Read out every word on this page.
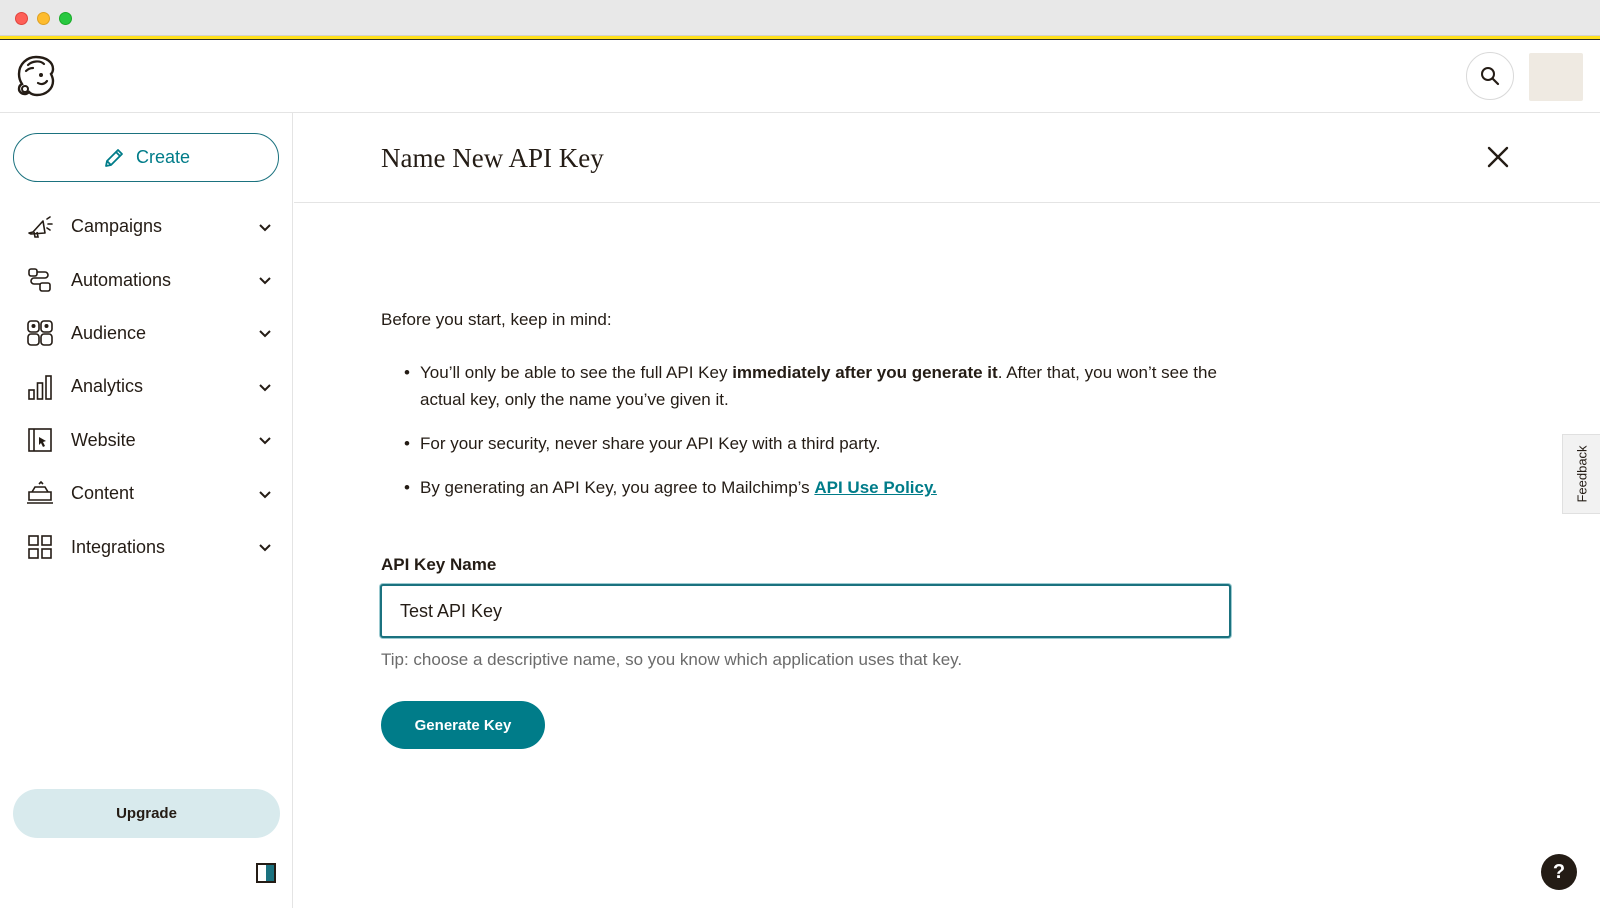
Create
Campaigns
Automations
Audience
Analytics
Website
Content
Integrations
Upgrade
Name New API Key
Before you start, keep in mind:
• You’ll only be able to see the full API Key immediately after you generate it. After that, you won’t see the actual key, only the name you’ve given it.
• For your security, never share your API Key with a third party.
• By generating an API Key, you agree to Mailchimp’s API Use Policy.
API Key Name
Test API Key
Tip: choose a descriptive name, so you know which application uses that key.
Generate Key
Feedback
?
